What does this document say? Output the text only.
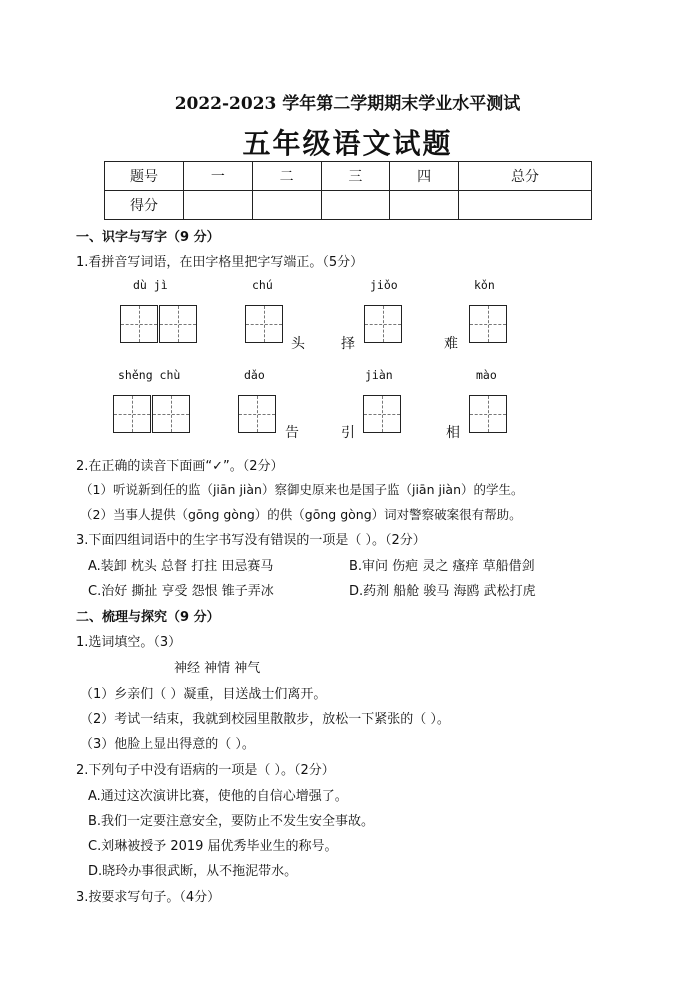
2022-2023 学年第二学期期末学业水平测试
五年级语文试题
题号	一	二	三	四	总分
得分					
一、识字与写字（9 分）
1.看拼音写词语，在田字格里把字写端正。（5分）
dù jì	chú	jiǒo	kǒn
头	择	难
shěng chù	dǎo	jiàn	mào
告	引	相
2.在正确的读音下面画“✓”。（2分）
（1）听说新到任的监（jiān jiàn）察御史原来也是国子监（jiān jiàn）的学生。
（2）当事人提供（gōng gòng）的供（gōng gòng）词对警察破案很有帮助。
3.下面四组词语中的生字书写没有错误的一项是（ ）。（2分）
A.装卸 枕头 总督 打拄 田忌赛马	B.审问 伤疤 灵之 瘙痒 草船借剑
C.治好 撕扯 亨受 怨恨 锥子弄冰	D.药剂 船舱 骏马 海鸥 武松打虎
二、梳理与探究（9 分）
1.选词填空。（3）
神经 神情 神气
（1）乡亲们（ ）凝重，目送战士们离开。
（2）考试一结束，我就到校园里散散步，放松一下紧张的（ ）。
（3）他脸上显出得意的（ ）。
2.下列句子中没有语病的一项是（ ）。（2分）
A.通过这次演讲比赛，使他的自信心增强了。
B.我们一定要注意安全，要防止不发生安全事故。
C.刘琳被授予 2019 届优秀毕业生的称号。
D.晓玲办事很武断，从不拖泥带水。
3.按要求写句子。（4分）
